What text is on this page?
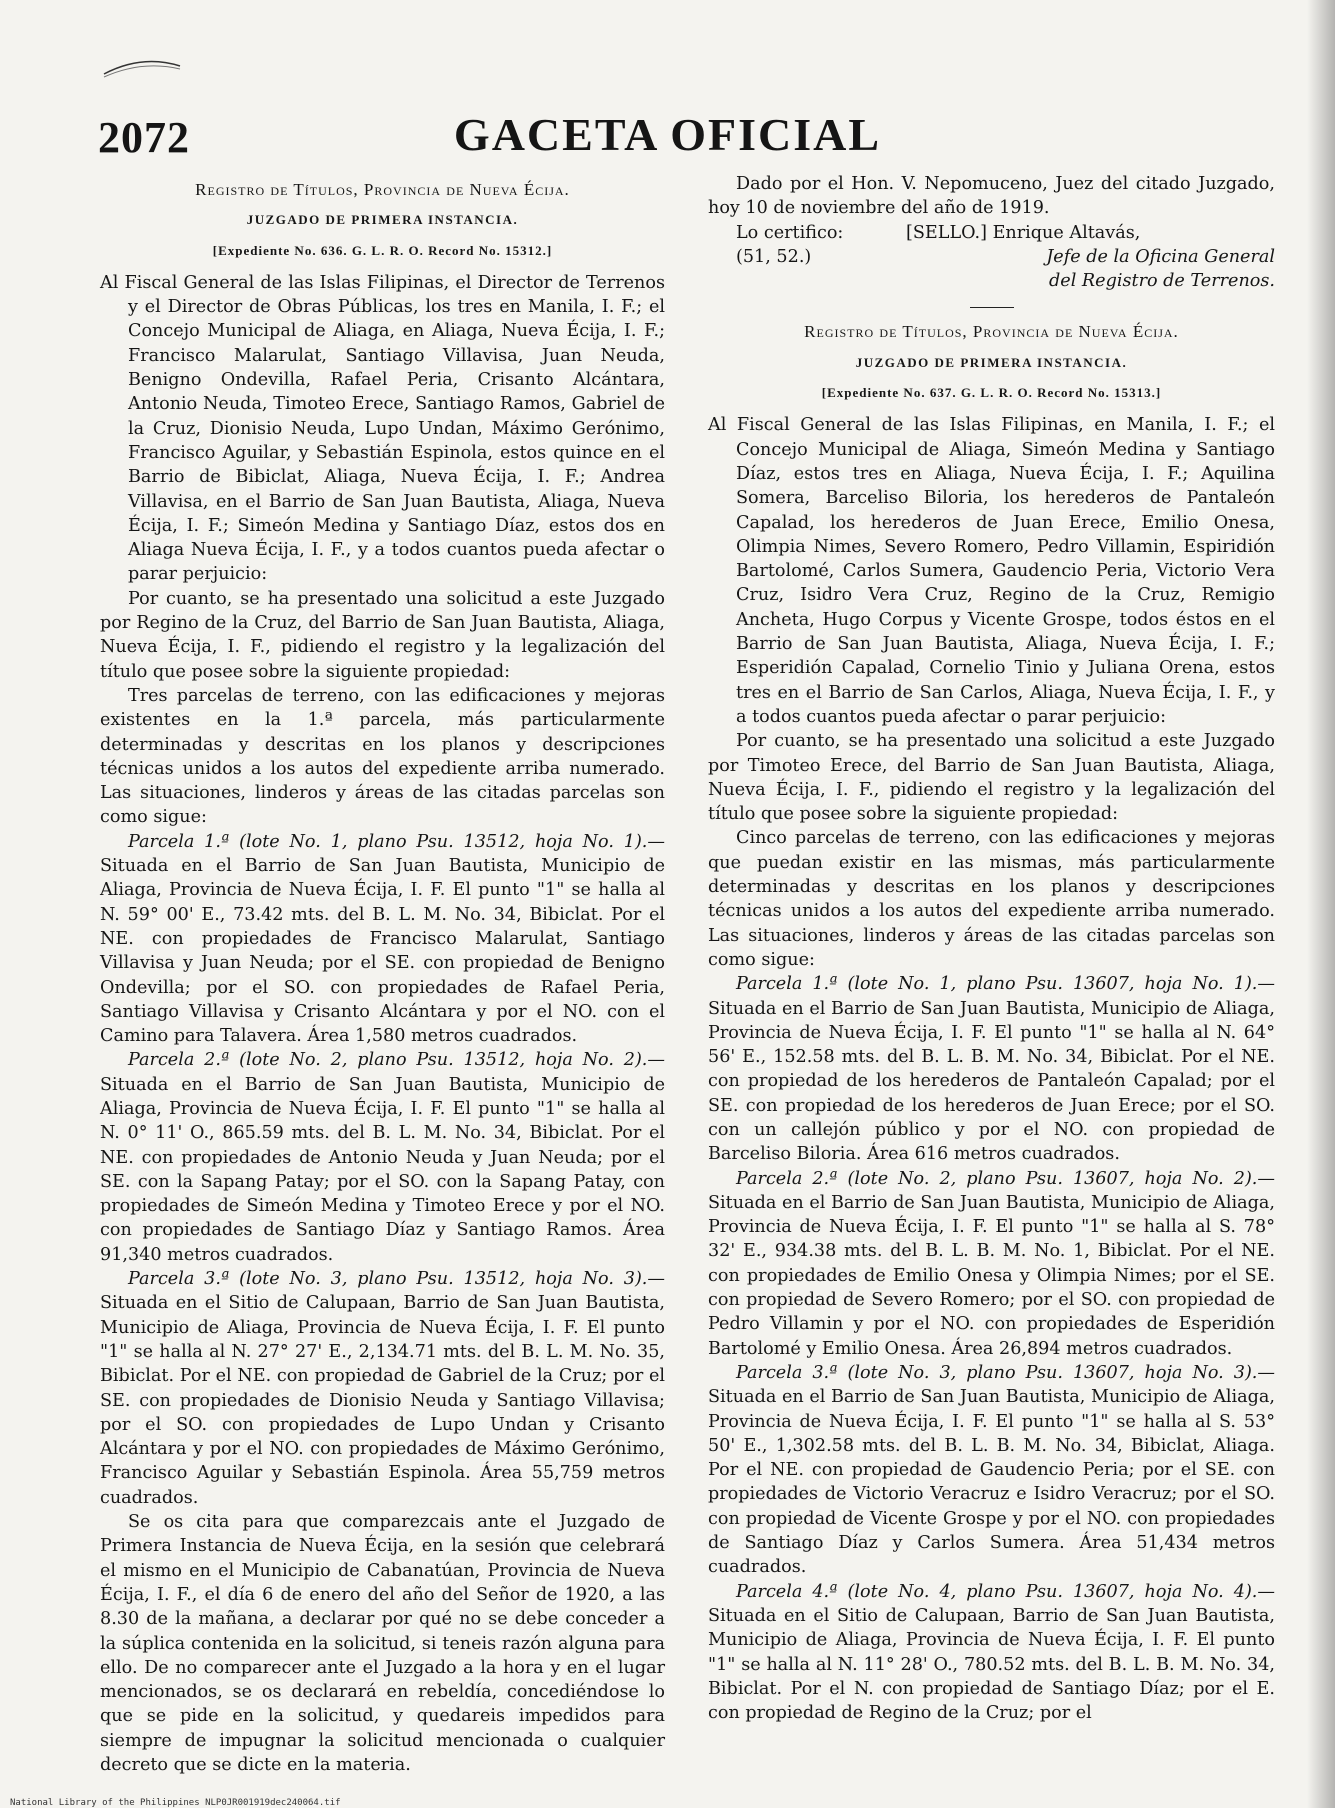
2072	GACETA OFICIAL

Registro de Títulos, Provincia de Nueva Écija.

JUZGADO DE PRIMERA INSTANCIA.

[Expediente No. 636. G. L. R. O. Record No. 15312.]

Al Fiscal General de las Islas Filipinas, el Director de Terrenos y el Director de Obras Públicas, los tres en Manila, I. F.; el Concejo Municipal de Aliaga, en Aliaga, Nueva Écija, I. F.; Francisco Malarulat, Santiago Villavisa, Juan Neuda, Benigno Ondevilla, Rafael Peria, Crisanto Alcántara, Antonio Neuda, Timoteo Erece, Santiago Ramos, Gabriel de la Cruz, Dionisio Neuda, Lupo Undan, Máximo Gerónimo, Francisco Aguilar, y Sebastián Espinola, estos quince en el Barrio de Bibiclat, Aliaga, Nueva Écija, I. F.; Andrea Villavisa, en el Barrio de San Juan Bautista, Aliaga, Nueva Écija, I. F.; Simeón Medina y Santiago Díaz, estos dos en Aliaga Nueva Écija, I. F., y a todos cuantos pueda afectar o parar perjuicio:

Por cuanto, se ha presentado una solicitud a este Juzgado por Regino de la Cruz, del Barrio de San Juan Bautista, Aliaga, Nueva Écija, I. F., pidiendo el registro y la legalización del título que posee sobre la siguiente propiedad:

Tres parcelas de terreno, con las edificaciones y mejoras existentes en la 1.ª parcela, más particularmente determinadas y descritas en los planos y descripciones técnicas unidos a los autos del expediente arriba numerado. Las situaciones, linderos y áreas de las citadas parcelas son como sigue:

Parcela 1.ª (lote No. 1, plano Psu. 13512, hoja No. 1).— Situada en el Barrio de San Juan Bautista, Municipio de Aliaga, Provincia de Nueva Écija, I. F. El punto "1" se halla al N. 59° 00' E., 73.42 mts. del B. L. M. No. 34, Bibiclat. Por el NE. con propiedades de Francisco Malarulat, Santiago Villavisa y Juan Neuda; por el SE. con propiedad de Benigno Ondevilla; por el SO. con propiedades de Rafael Peria, Santiago Villavisa y Crisanto Alcántara y por el NO. con el Camino para Talavera. Área 1,580 metros cuadrados.

Parcela 2.ª (lote No. 2, plano Psu. 13512, hoja No. 2).— Situada en el Barrio de San Juan Bautista, Municipio de Aliaga, Provincia de Nueva Écija, I. F. El punto "1" se halla al N. 0° 11' O., 865.59 mts. del B. L. M. No. 34, Bibiclat. Por el NE. con propiedades de Antonio Neuda y Juan Neuda; por el SE. con la Sapang Patay; por el SO. con la Sapang Patay, con propiedades de Simeón Medina y Timoteo Erece y por el NO. con propiedades de Santiago Díaz y Santiago Ramos. Área 91,340 metros cuadrados.

Parcela 3.ª (lote No. 3, plano Psu. 13512, hoja No. 3).— Situada en el Sitio de Calupaan, Barrio de San Juan Bautista, Municipio de Aliaga, Provincia de Nueva Écija, I. F. El punto "1" se halla al N. 27° 27' E., 2,134.71 mts. del B. L. M. No. 35, Bibiclat. Por el NE. con propiedad de Gabriel de la Cruz; por el SE. con propiedades de Dionisio Neuda y Santiago Villavisa; por el SO. con propiedades de Lupo Undan y Crisanto Alcántara y por el NO. con propiedades de Máximo Gerónimo, Francisco Aguilar y Sebastián Espinola. Área 55,759 metros cuadrados.

Se os cita para que comparezcais ante el Juzgado de Primera Instancia de Nueva Écija, en la sesión que celebrará el mismo en el Municipio de Cabanatúan, Provincia de Nueva Écija, I. F., el día 6 de enero del año del Señor de 1920, a las 8.30 de la mañana, a declarar por qué no se debe conceder a la súplica contenida en la solicitud, si teneis razón alguna para ello. De no comparecer ante el Juzgado a la hora y en el lugar mencionados, se os declarará en rebeldía, concediéndose lo que se pide en la solicitud, y quedareis impedidos para siempre de impugnar la solicitud mencionada o cualquier decreto que se dicte en la materia.

Dado por el Hon. V. Nepomuceno, Juez del citado Juzgado, hoy 10 de noviembre del año de 1919.

Lo certifico:	[SELLO.] Enrique Altavás,
(51, 52.)	Jefe de la Oficina General

del Registro de Terrenos.

Registro de Títulos, Provincia de Nueva Écija.

JUZGADO DE PRIMERA INSTANCIA.

[Expediente No. 637. G. L. R. O. Record No. 15313.]

Al Fiscal General de las Islas Filipinas, en Manila, I. F.; el Concejo Municipal de Aliaga, Simeón Medina y Santiago Díaz, estos tres en Aliaga, Nueva Écija, I. F.; Aquilina Somera, Barceliso Biloria, los herederos de Pantaleón Capalad, los herederos de Juan Erece, Emilio Onesa, Olimpia Nimes, Severo Romero, Pedro Villamin, Espiridión Bartolomé, Carlos Sumera, Gaudencio Peria, Victorio Vera Cruz, Isidro Vera Cruz, Regino de la Cruz, Remigio Ancheta, Hugo Corpus y Vicente Grospe, todos éstos en el Barrio de San Juan Bautista, Aliaga, Nueva Écija, I. F.; Esperidión Capalad, Cornelio Tinio y Juliana Orena, estos tres en el Barrio de San Carlos, Aliaga, Nueva Écija, I. F., y a todos cuantos pueda afectar o parar perjuicio:

Por cuanto, se ha presentado una solicitud a este Juzgado por Timoteo Erece, del Barrio de San Juan Bautista, Aliaga, Nueva Écija, I. F., pidiendo el registro y la legalización del título que posee sobre la siguiente propiedad:

Cinco parcelas de terreno, con las edificaciones y mejoras que puedan existir en las mismas, más particularmente determinadas y descritas en los planos y descripciones técnicas unidos a los autos del expediente arriba numerado. Las situaciones, linderos y áreas de las citadas parcelas son como sigue:

Parcela 1.ª (lote No. 1, plano Psu. 13607, hoja No. 1).— Situada en el Barrio de San Juan Bautista, Municipio de Aliaga, Provincia de Nueva Écija, I. F. El punto "1" se halla al N. 64° 56' E., 152.58 mts. del B. L. B. M. No. 34, Bibiclat. Por el NE. con propiedad de los herederos de Pantaleón Capalad; por el SE. con propiedad de los herederos de Juan Erece; por el SO. con un callejón público y por el NO. con propiedad de Barceliso Biloria. Área 616 metros cuadrados.

Parcela 2.ª (lote No. 2, plano Psu. 13607, hoja No. 2).— Situada en el Barrio de San Juan Bautista, Municipio de Aliaga, Provincia de Nueva Écija, I. F. El punto "1" se halla al S. 78° 32' E., 934.38 mts. del B. L. B. M. No. 1, Bibiclat. Por el NE. con propiedades de Emilio Onesa y Olimpia Nimes; por el SE. con propiedad de Severo Romero; por el SO. con propiedad de Pedro Villamin y por el NO. con propiedades de Esperidión Bartolomé y Emilio Onesa. Área 26,894 metros cuadrados.

Parcela 3.ª (lote No. 3, plano Psu. 13607, hoja No. 3).— Situada en el Barrio de San Juan Bautista, Municipio de Aliaga, Provincia de Nueva Écija, I. F. El punto "1" se halla al S. 53° 50' E., 1,302.58 mts. del B. L. B. M. No. 34, Bibiclat, Aliaga. Por el NE. con propiedad de Gaudencio Peria; por el SE. con propiedades de Victorio Veracruz e Isidro Veracruz; por el SO. con propiedad de Vicente Grospe y por el NO. con propiedades de Santiago Díaz y Carlos Sumera. Área 51,434 metros cuadrados.

Parcela 4.ª (lote No. 4, plano Psu. 13607, hoja No. 4).— Situada en el Sitio de Calupaan, Barrio de San Juan Bautista, Municipio de Aliaga, Provincia de Nueva Écija, I. F. El punto "1" se halla al N. 11° 28' O., 780.52 mts. del B. L. B. M. No. 34, Bibiclat. Por el N. con propiedad de Santiago Díaz; por el E. con propiedad de Regino de la Cruz; por el

National Library of the Philippines NLP0JR001919dec240064.tif
